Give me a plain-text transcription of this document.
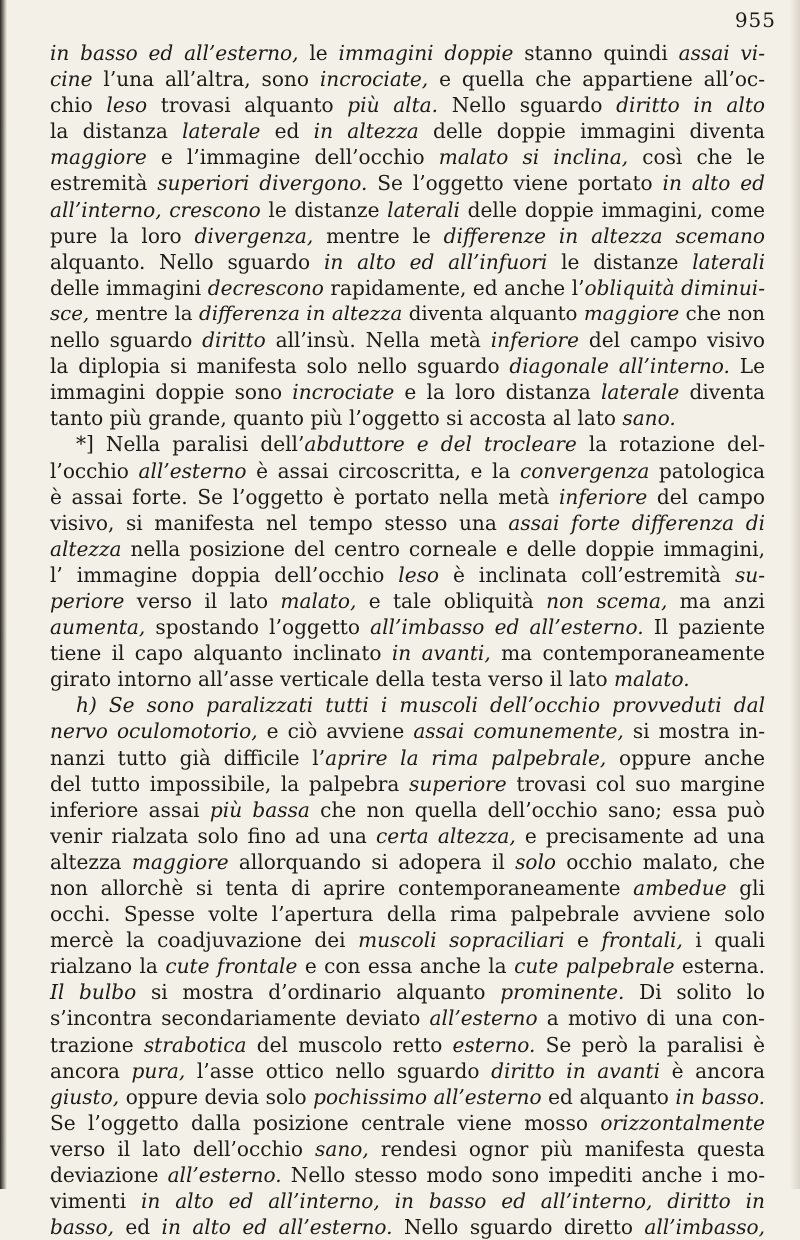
955
in basso ed all’esterno, le immagini doppie stanno quindi assai vi-
cine l’una all’altra, sono incrociate, e quella che appartiene all’oc-
chio leso trovasi alquanto più alta. Nello sguardo diritto in alto
la distanza laterale ed in altezza delle doppie immagini diventa
maggiore e l’immagine dell’occhio malato si inclina, così che le
estremità superiori divergono. Se l’oggetto viene portato in alto ed
all’interno, crescono le distanze laterali delle doppie immagini, come
pure la loro divergenza, mentre le differenze in altezza scemano
alquanto. Nello sguardo in alto ed all’infuori le distanze laterali
delle immagini decrescono rapidamente, ed anche l’obliquità diminui-
sce, mentre la differenza in altezza diventa alquanto maggiore che non
nello sguardo diritto all’insù. Nella metà inferiore del campo visivo
la diplopia si manifesta solo nello sguardo diagonale all’interno. Le
immagini doppie sono incrociate e la loro distanza laterale diventa
tanto più grande, quanto più l’oggetto si accosta al lato sano.
*] Nella paralisi dell’abduttore e del trocleare la rotazione del-
l’occhio all’esterno è assai circoscritta, e la convergenza patologica
è assai forte. Se l’oggetto è portato nella metà inferiore del campo
visivo, si manifesta nel tempo stesso una assai forte differenza di
altezza nella posizione del centro corneale e delle doppie immagini,
l’ immagine doppia dell’occhio leso è inclinata coll’estremità su-
periore verso il lato malato, e tale obliquità non scema, ma anzi
aumenta, spostando l’oggetto all’imbasso ed all’esterno. Il paziente
tiene il capo alquanto inclinato in avanti, ma contemporaneamente
girato intorno all’asse verticale della testa verso il lato malato.
h) Se sono paralizzati tutti i muscoli dell’occhio provveduti dal
nervo oculomotorio, e ciò avviene assai comunemente, si mostra in-
nanzi tutto già difficile l’aprire la rima palpebrale, oppure anche
del tutto impossibile, la palpebra superiore trovasi col suo margine
inferiore assai più bassa che non quella dell’occhio sano; essa può
venir rialzata solo fino ad una certa altezza, e precisamente ad una
altezza maggiore allorquando si adopera il solo occhio malato, che
non allorchè si tenta di aprire contemporaneamente ambedue gli
occhi. Spesse volte l’apertura della rima palpebrale avviene solo
mercè la coadjuvazione dei muscoli sopraciliari e frontali, i quali
rialzano la cute frontale e con essa anche la cute palpebrale esterna.
Il bulbo si mostra d’ordinario alquanto prominente. Di solito lo
s’incontra secondariamente deviato all’esterno a motivo di una con-
trazione strabotica del muscolo retto esterno. Se però la paralisi è
ancora pura, l’asse ottico nello sguardo diritto in avanti è ancora
giusto, oppure devia solo pochissimo all’esterno ed alquanto in basso.
Se l’oggetto dalla posizione centrale viene mosso orizzontalmente
verso il lato dell’occhio sano, rendesi ognor più manifesta questa
deviazione all’esterno. Nello stesso modo sono impediti anche i mo-
vimenti in alto ed all’interno, in basso ed all’interno, diritto in
basso, ed in alto ed all’esterno. Nello sguardo diretto all’imbasso,
